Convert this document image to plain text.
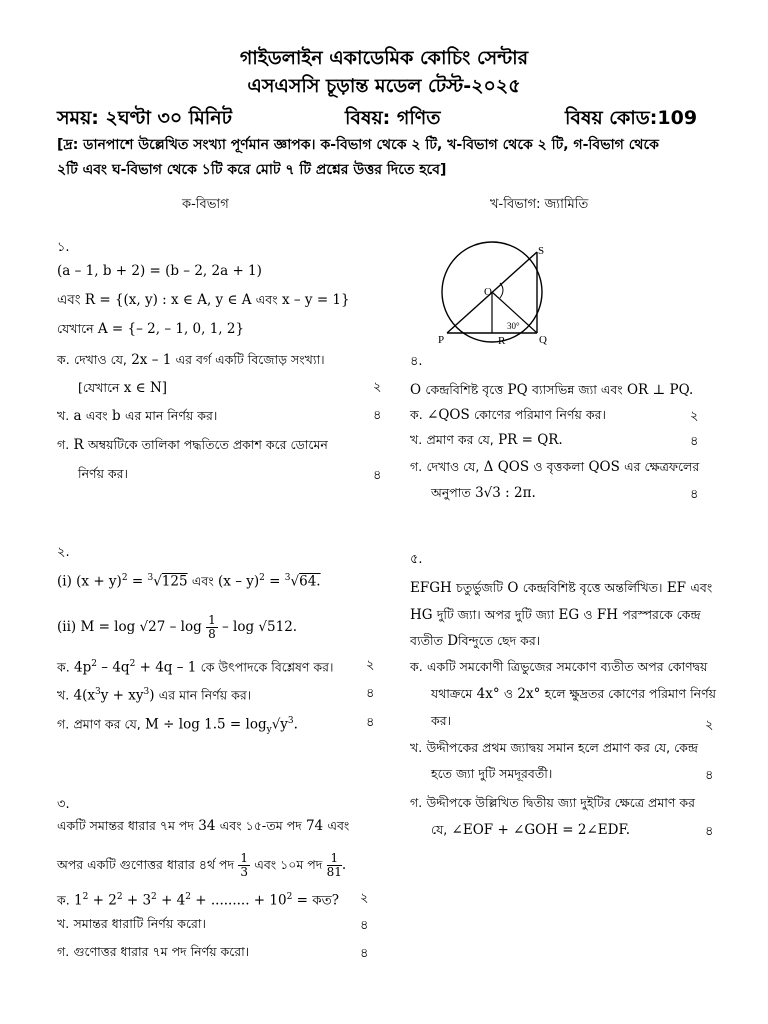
গাইডলাইন একাডেমিক কোচিং সেন্টার
এসএসসি চূড়ান্ত মডেল টেস্ট-২০২৫
সময়: ২ঘণ্টা ৩০ মিনিট	বিষয়: গণিত	বিষয় কোড:109
[দ্র: ডানপাশে উল্লেখিত সংখ্যা পূর্ণমান জ্ঞাপক। ক-বিভাগ থেকে ২ টি, খ-বিভাগ থেকে ২ টি, গ-বিভাগ থেকে
২টি এবং ঘ-বিভাগ থেকে ১টি করে মোট ৭ টি প্রশ্নের উত্তর দিতে হবে]
ক-বিভাগ	খ-বিভাগ: জ্যামিতি
১.
(a – 1, b + 2) = (b – 2, 2a + 1)
এবং R = {(x, y) : x ∈ A, y ∈ A এবং x – y = 1}
যেখানে A = {– 2, – 1, 0, 1, 2}
ক. দেখাও যে, 2x – 1 এর বর্গ একটি বিজোড় সংখ্যা।
[যেখানে x ∈ N]	২
খ. a এবং b এর মান নির্ণয় কর।	৪
গ. R অম্বয়টিকে তালিকা পদ্ধতিতে প্রকাশ করে ডোমেন
নির্ণয় কর।	৪
২.
(i) $(x + y)^2 = ^3√125$ এবং (x – y)$^2$ = $^3$√64.
(ii) $M = \log √27 - \log \frac{1}{8} - \log √512$.
ক. $4p^2 - 4q^2 + 4q - 1$ কে উৎপাদকে বিশ্লেষণ কর।	২
খ. $4(x^3y + xy^3)$ এর মান নির্ণয় কর।	৪
গ. প্রমাণ কর যে, $M \div \log 1.5 = \log_y√y^3$.	৪
৩.
একটি সমান্তর ধারার ৭ম পদ 34 এবং ১৫-তম পদ 74 এবং
অপর একটি গুণোত্তর ধারার ৪র্থ পদ $\frac{1}{3}$ এবং ১০ম পদ $\frac{1}{81}$ .
ক. $1^2 + 2^2 + 3^2 + 4^2$ + ......... + $10^2$ = কত? ২
খ. সমান্তর ধারাটি নির্ণয় করো।	৪
গ. গুণোত্তর ধারার ৭ম পদ নির্ণয় করো।	৪
O
S
P	R	Q
30°
৪.
O কেন্দ্রবিশিষ্ট বৃত্তে PQ ব্যাসভিন্ন জ্যা এবং OR ⊥ PQ.
ক. ∠QOS কোণের পরিমাণ নির্ণয় কর।	২
খ. প্রমাণ কর যে, PR = QR.	৪
গ. দেখাও যে, Δ QOS ও বৃত্তকলা QOS এর ক্ষেত্রফলের
অনুপাত 3√3 : 2π.	৪
৫.
EFGH চতুর্ভুজটি O কেন্দ্রবিশিষ্ট বৃত্তে অন্তর্লিখিত। EF এবং
HG দুটি জ্যা। অপর দুটি জ্যা EG ও FH পরস্পরকে কেন্দ্র
ব্যতীত Dবিন্দুতে ছেদ কর।
ক. একটি সমকোণী ত্রিভুজের সমকোণ ব্যতীত অপর কোণদ্বয়
যথাক্রমে 4x° ও 2x° হলে ক্ষুদ্রতর কোণের পরিমাণ নির্ণয়
কর।	২
খ. উদ্দীপকের প্রথম জ্যাদ্বয় সমান হলে প্রমাণ কর যে, কেন্দ্র
হতে জ্যা দুটি সমদূরবর্তী।	৪
গ. উদ্দীপকে উল্লিখিত দ্বিতীয় জ্যা দুইটির ক্ষেত্রে প্রমাণ কর
যে, ∠EOF + ∠GOH = 2∠EDF.	৪
